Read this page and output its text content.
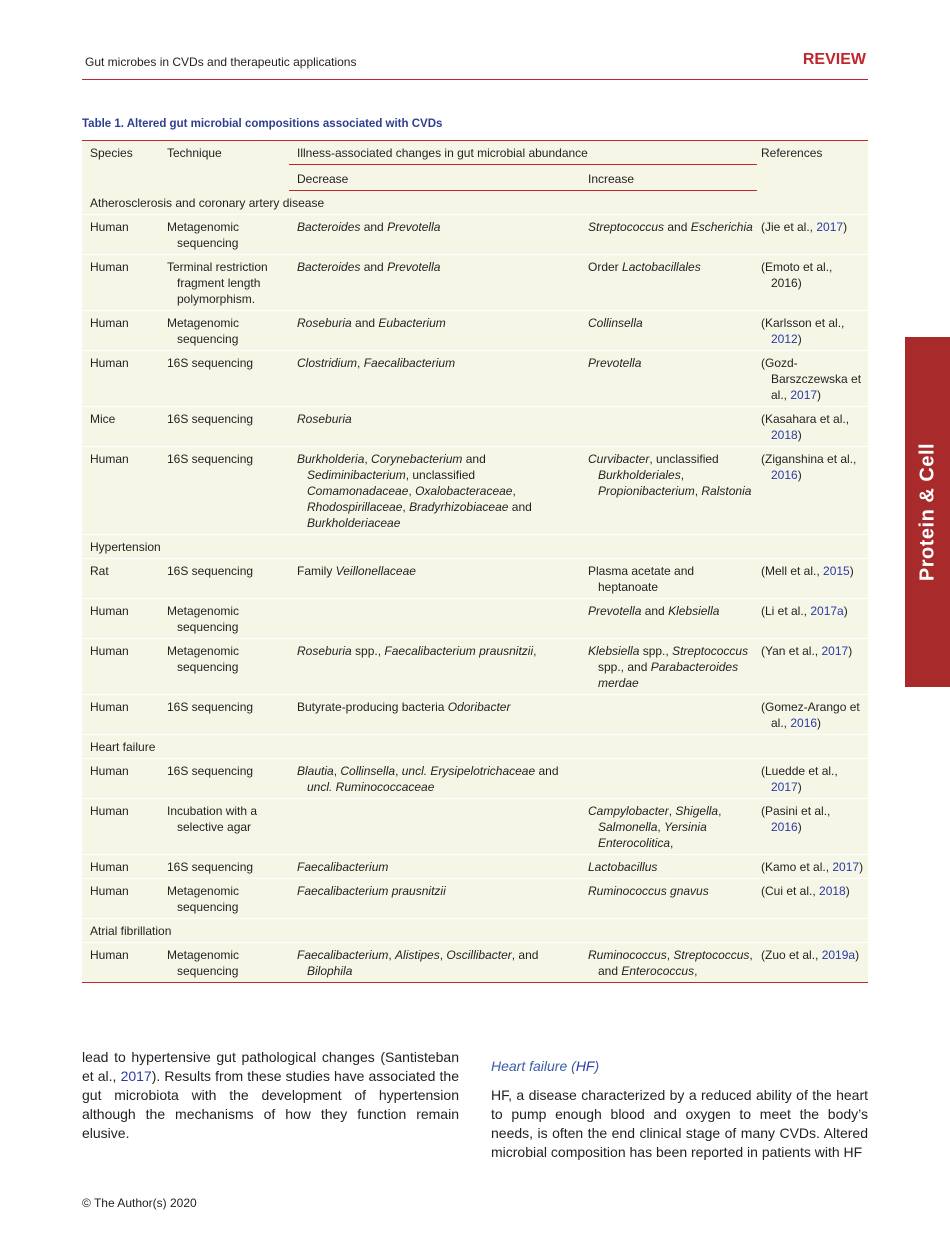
Gut microbes in CVDs and therapeutic applications	REVIEW
Protein & Cell
Table 1. Altered gut microbial compositions associated with CVDs
Species	Technique	Illness-associated changes in gut microbial abundance		References
		Decrease	Increase	
Atherosclerosis and coronary artery disease				
Human	Metagenomic sequencing	Bacteroides and Prevotella	Streptococcus and Escherichia	(Jie et al., 2017)

Human	Terminal restriction fragment length polymorphism.	Bacteroides and Prevotella	Order Lactobacillales	(Emoto et al., 2016)

Human	Metagenomic sequencing	Roseburia and Eubacterium	Collinsella	(Karlsson et al., 2012)

Human	16S sequencing	Clostridium, Faecalibacterium	Prevotella	(Gozd-Barszczewska et al., 2017)

Mice	16S sequencing	Roseburia		(Kasahara et al., 2018)

Human	16S sequencing	Burkholderia, Corynebacterium and Sediminibacterium, unclassified Comamonadaceae, Oxalobacteraceae, Rhodospirillaceae, Bradyrhizobiaceae and Burkholderiaceae	Curvibacter, unclassified Burkholderiales, Propionibacterium, Ralstonia	(Ziganshina et al., 2016)

Hypertension				
Rat	16S sequencing	Family Veillonellaceae	Plasma acetate and heptanoate	(Mell et al., 2015)

Human	Metagenomic sequencing		Prevotella and Klebsiella	(Li et al., 2017a)

Human	Metagenomic sequencing	Roseburia spp., Faecalibacterium prausnitzii,	Klebsiella spp., Streptococcus spp., and Parabacteroides merdae	(Yan et al., 2017)

Human	16S sequencing	Butyrate-producing bacteria Odoribacter		(Gomez-Arango et al., 2016)

Heart failure				
Human	16S sequencing	Blautia, Collinsella, uncl. Erysipelotrichaceae and uncl. Ruminococcaceae		(Luedde et al., 2017)

Human	Incubation with a selective agar		Campylobacter, Shigella, Salmonella, Yersinia Enterocolitica,	(Pasini et al., 2016)

Human	16S sequencing	Faecalibacterium	Lactobacillus	(Kamo et al., 2017)

Human	Metagenomic sequencing	Faecalibacterium prausnitzii	Ruminococcus gnavus	(Cui et al., 2018)

Atrial fibrillation				
Human	Metagenomic sequencing	Faecalibacterium, Alistipes, Oscillibacter, and Bilophila	Ruminococcus, Streptococcus, and Enterococcus,	(Zuo et al., 2019a)
lead to hypertensive gut pathological changes (Santisteban et al., 2017). Results from these studies have associated the gut microbiota with the development of hypertension although the mechanisms of how they function remain elusive.
Heart failure (HF)
HF, a disease characterized by a reduced ability of the heart to pump enough blood and oxygen to meet the body’s needs, is often the end clinical stage of many CVDs. Altered microbial composition has been reported in patients with HF
© The Author(s) 2020
